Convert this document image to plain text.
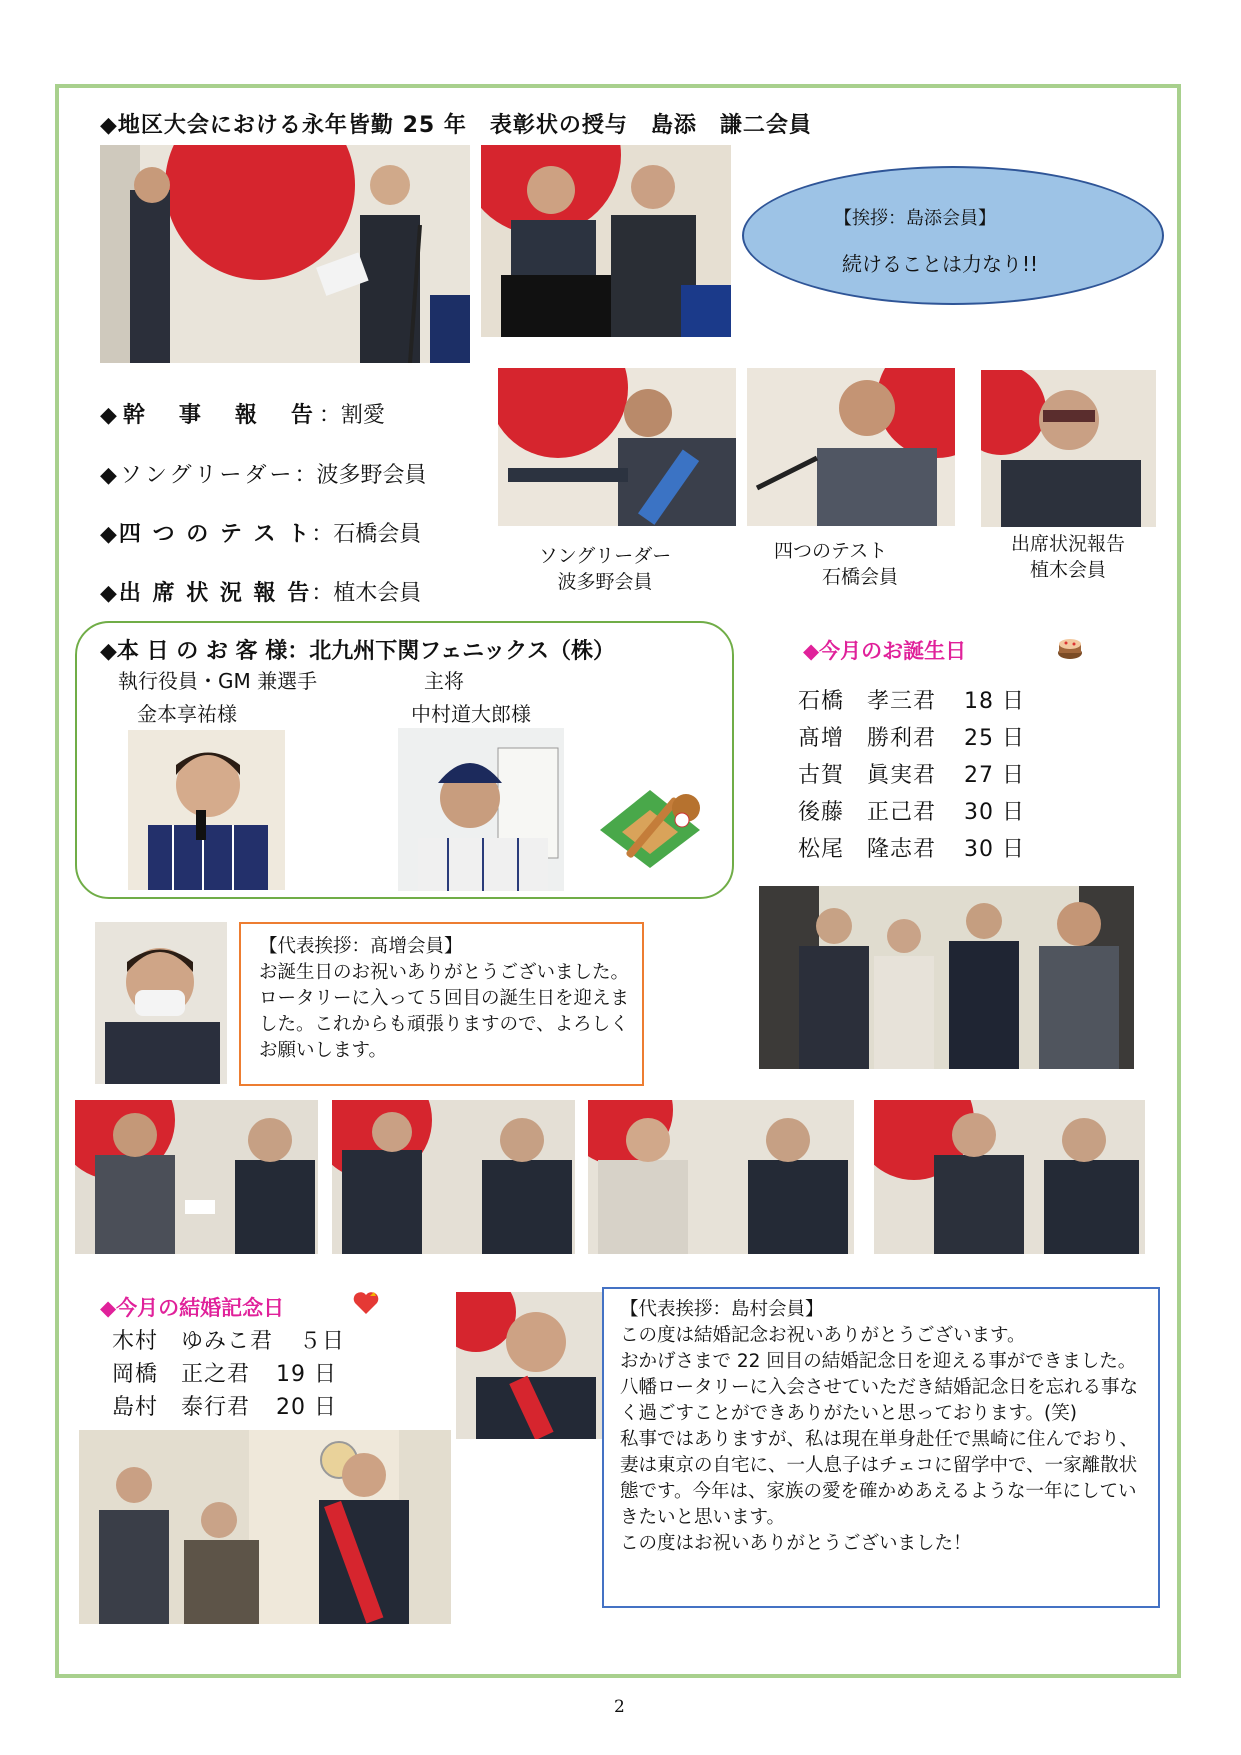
◆地区大会における永年皆勤 25 年　表彰状の授与　島添　謙二会員
【挨拶：島添会員】
続けることは力なり!!
◆幹　事　報　告：割愛
◆ソングリーダー：波多野会員
◆四 つ の テ ス ト：石橋会員
◆出 席 状 況 報 告：植木会員
ソングリーダー
波多野会員
四つのテスト
石橋会員
出席状況報告
植木会員
◆本 日 の お 客 様：北九州下関フェニックス（株）
執行役員・GM 兼選手
金本享祐様
主将
中村道大郎様
◆今月のお誕生日
石橋　孝三君 18 日
髙增　勝利君 25 日
古賀　眞実君 27 日
後藤　正己君 30 日
松尾　隆志君 30 日
【代表挨拶：髙增会員】
お誕生日のお祝いありがとうございました。ロータリーに入って５回目の誕生日を迎えました。これからも頑張りますので、よろしくお願いします。
◆今月の結婚記念日
木村　ゆみこ君 ５日
岡橋　正之君 19 日
島村　泰行君 20 日
【代表挨拶：島村会員】
この度は結婚記念お祝いありがとうございます。
おかげさまで 22 回目の結婚記念日を迎える事ができました。八幡ロータリーに入会させていただき結婚記念日を忘れる事なく過ごすことができありがたいと思っております。(笑)
私事ではありますが、私は現在単身赴任で黒崎に住んでおり、妻は東京の自宅に、一人息子はチェコに留学中で、一家離散状態です。今年は、家族の愛を確かめあえるような一年にしていきたいと思います。
この度はお祝いありがとうございました！
2
